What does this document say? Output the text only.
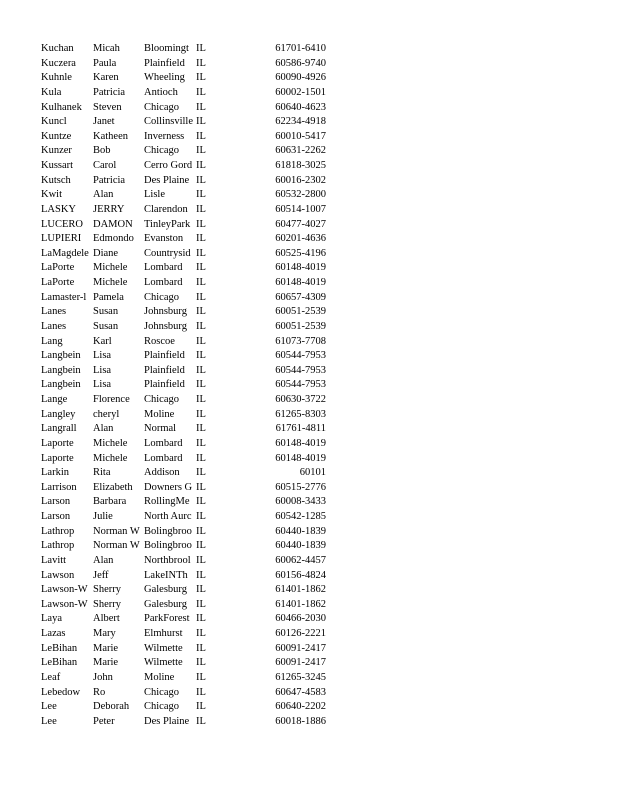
Kuchan	Micah	Bloomingt	IL	61701-6410
Kuczera	Paula	Plainfield	IL	60586-9740
Kuhnle	Karen	Wheeling	IL	60090-4926
Kula	Patricia	Antioch	IL	60002-1501
Kulhanek	Steven	Chicago	IL	60640-4623
Kuncl	Janet	Collinsville	IL	62234-4918
Kuntze	Katheen	Inverness	IL	60010-5417
Kunzer	Bob	Chicago	IL	60631-2262
Kussart	Carol	Cerro Gord	IL	61818-3025
Kutsch	Patricia	Des Plaine	IL	60016-2302
Kwit	Alan	Lisle	IL	60532-2800
LASKY	JERRY	Clarendon	IL	60514-1007
LUCERO	DAMON	TinleyPark	IL	60477-4027
LUPIERI	Edmondo	Evanston	IL	60201-4636
LaMagdele	Diane	Countrysid	IL	60525-4196
LaPorte	Michele	Lombard	IL	60148-4019
LaPorte	Michele	Lombard	IL	60148-4019
Lamaster-l	Pamela	Chicago	IL	60657-4309
Lanes	Susan	Johnsburg	IL	60051-2539
Lanes	Susan	Johnsburg	IL	60051-2539
Lang	Karl	Roscoe	IL	61073-7708
Langbein	Lisa	Plainfield	IL	60544-7953
Langbein	Lisa	Plainfield	IL	60544-7953
Langbein	Lisa	Plainfield	IL	60544-7953
Lange	Florence	Chicago	IL	60630-3722
Langley	cheryl	Moline	IL	61265-8303
Langrall	Alan	Normal	IL	61761-4811
Laporte	Michele	Lombard	IL	60148-4019
Laporte	Michele	Lombard	IL	60148-4019
Larkin	Rita	Addison	IL	60101
Larrison	Elizabeth	Downers G	IL	60515-2776
Larson	Barbara	RollingMe	IL	60008-3433
Larson	Julie	North Aurc	IL	60542-1285
Lathrop	Norman W	Bolingbroo	IL	60440-1839
Lathrop	Norman W	Bolingbroo	IL	60440-1839
Lavitt	Alan	Northbrool	IL	60062-4457
Lawson	Jeff	LakeINTh	IL	60156-4824
Lawson-W	Sherry	Galesburg	IL	61401-1862
Lawson-W	Sherry	Galesburg	IL	61401-1862
Laya	Albert	ParkForest	IL	60466-2030
Lazas	Mary	Elmhurst	IL	60126-2221
LeBihan	Marie	Wilmette	IL	60091-2417
LeBihan	Marie	Wilmette	IL	60091-2417
Leaf	John	Moline	IL	61265-3245
Lebedow	Ro	Chicago	IL	60647-4583
Lee	Deborah	Chicago	IL	60640-2202
Lee	Peter	Des Plaine	IL	60018-1886
